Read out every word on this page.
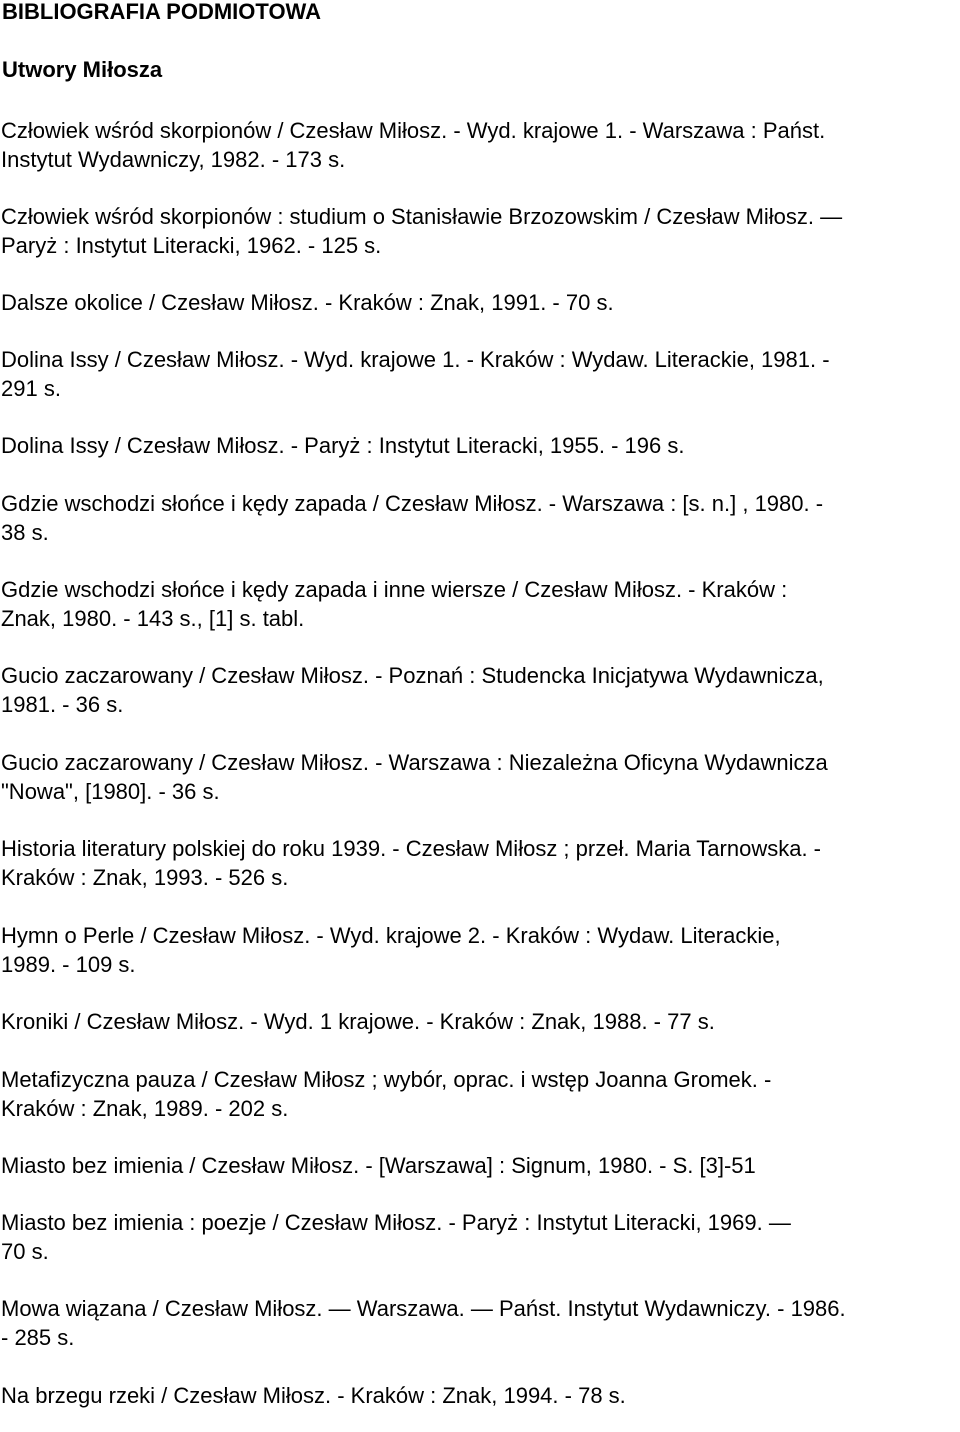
BIBLIOGRAFIA PODMIOTOWA
Utwory Miłosza

Człowiek wśród skorpionów / Czesław Miłosz. - Wyd. krajowe 1. - Warszawa : Państ.
Instytut Wydawniczy, 1982. - 173 s.

Człowiek wśród skorpionów : studium o Stanisławie Brzozowskim / Czesław Miłosz. —
Paryż : Instytut Literacki, 1962. - 125 s.

Dalsze okolice / Czesław Miłosz. - Kraków : Znak, 1991. - 70 s.

Dolina Issy / Czesław Miłosz. - Wyd. krajowe 1. - Kraków : Wydaw. Literackie, 1981. -
291 s.

Dolina Issy / Czesław Miłosz. - Paryż : Instytut Literacki, 1955. - 196 s.

Gdzie wschodzi słońce i kędy zapada / Czesław Miłosz. - Warszawa : [s. n.] , 1980. -
38 s.

Gdzie wschodzi słońce i kędy zapada i inne wiersze / Czesław Miłosz. - Kraków :
Znak, 1980. - 143 s., [1] s. tabl.

Gucio zaczarowany / Czesław Miłosz. - Poznań : Studencka Inicjatywa Wydawnicza,
1981. - 36 s.

Gucio zaczarowany / Czesław Miłosz. - Warszawa : Niezależna Oficyna Wydawnicza
"Nowa", [1980]. - 36 s.

Historia literatury polskiej do roku 1939. - Czesław Miłosz ; przeł. Maria Tarnowska. -
Kraków : Znak, 1993. - 526 s.

Hymn o Perle / Czesław Miłosz. - Wyd. krajowe 2. - Kraków : Wydaw. Literackie,
1989. - 109 s.

Kroniki / Czesław Miłosz. - Wyd. 1 krajowe. - Kraków : Znak, 1988. - 77 s.

Metafizyczna pauza / Czesław Miłosz ; wybór, oprac. i wstęp Joanna Gromek. -
Kraków : Znak, 1989. - 202 s.

Miasto bez imienia / Czesław Miłosz. - [Warszawa] : Signum, 1980. - S. [3]-51

Miasto bez imienia : poezje / Czesław Miłosz. - Paryż : Instytut Literacki, 1969. —
70 s.

Mowa wiązana / Czesław Miłosz. — Warszawa. — Państ. Instytut Wydawniczy. - 1986.
- 285 s.

Na brzegu rzeki / Czesław Miłosz. - Kraków : Znak, 1994. - 78 s.
